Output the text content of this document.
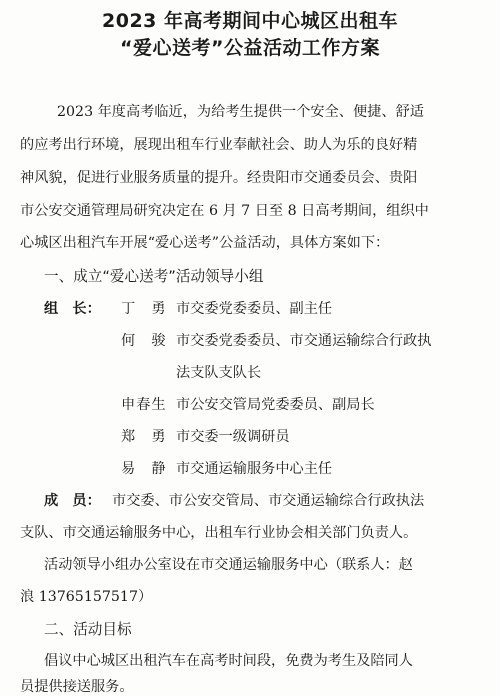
2023 年高考期间中心城区出租车
“爱心送考”公益活动工作方案
2023 年度高考临近，为给考生提供一个安全、便捷、舒适
的应考出行环境，展现出租车行业奉献社会、助人为乐的良好精
神风貌，促进行业服务质量的提升。经贵阳市交通委员会、贵阳
市公安交通管理局研究决定在 6 月 7 日至 8 日高考期间，组织中
心城区出租汽车开展“爱心送考”公益活动，具体方案如下：
一、成立“爱心送考”活动领导小组
组　长： 丁　勇 市交委党委委员、副主任
何　骏 市交委党委委员、市交通运输综合行政执
法支队支队长
申春生 市公安交管局党委委员、副局长
郑　勇 市交委一级调研员
易　静 市交通运输服务中心主任
成　员： 市交委、市公安交管局、市交通运输综合行政执法
支队、市交通运输服务中心，出租车行业协会相关部门负责人。
活动领导小组办公室设在市交通运输服务中心（联系人：赵
浪 13765157517）
二、活动目标
倡议中心城区出租汽车在高考时间段，免费为考生及陪同人
员提供接送服务。
